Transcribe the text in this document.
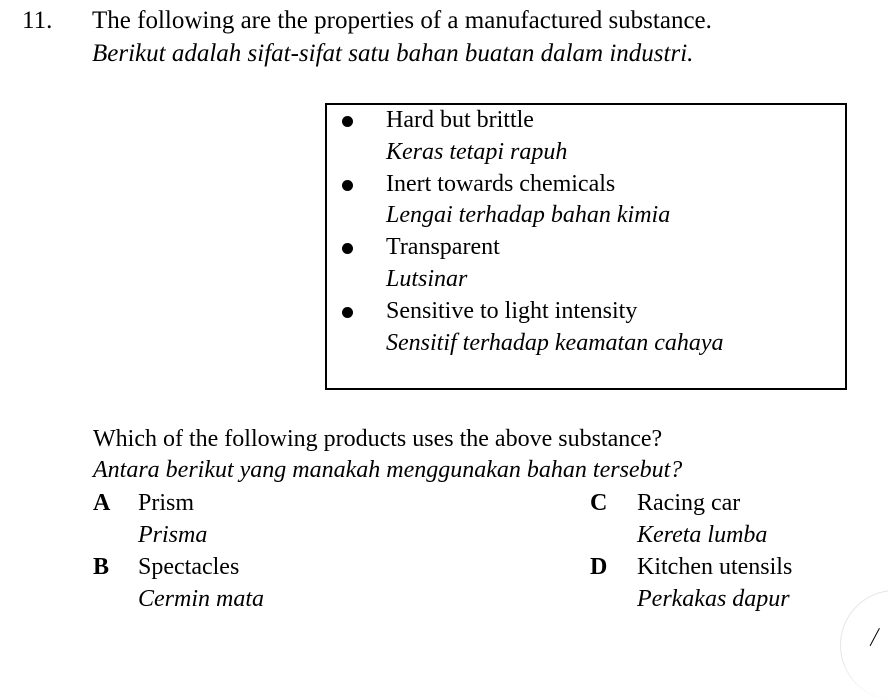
11. The following are the properties of a manufactured substance.
Berikut adalah sifat-sifat satu bahan buatan dalam industri.
Hard but brittle
Keras tetapi rapuh
Inert towards chemicals
Lengai terhadap bahan kimia
Transparent
Lutsinar
Sensitive to light intensity
Sensitif terhadap keamatan cahaya
Which of the following products uses the above substance?
Antara berikut yang manakah menggunakan bahan tersebut?
A Prism
Prisma
B Spectacles
Cermin mata
C Racing car
Kereta lumba
D Kitchen utensils
Perkakas dapur
